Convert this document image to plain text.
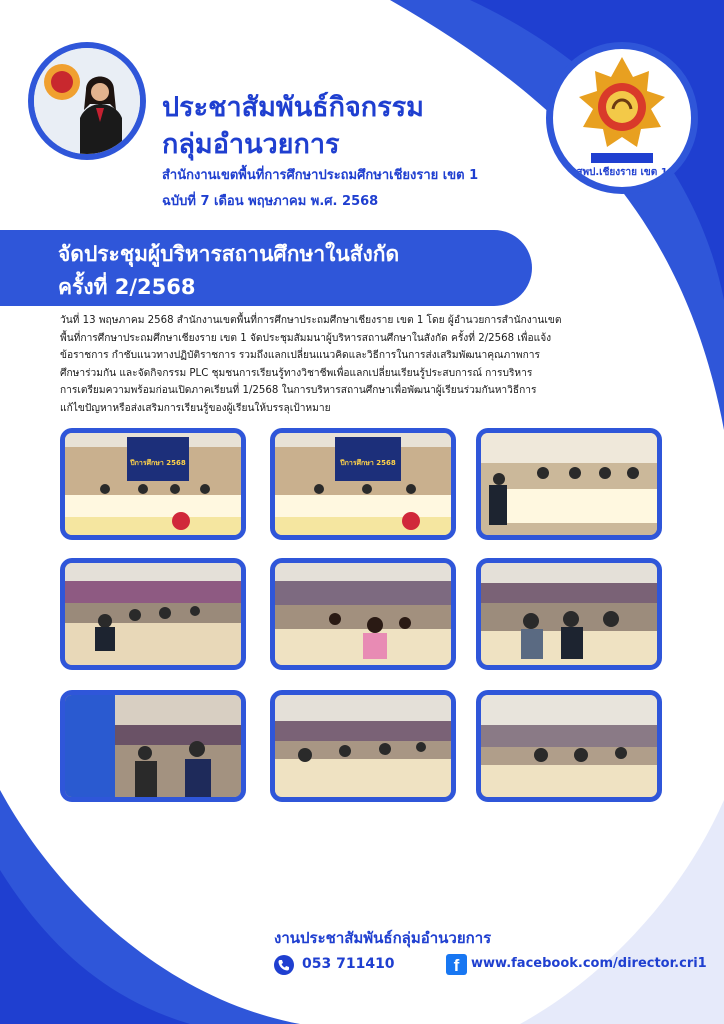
สพป.เชียงราย เขต 1
ประชาสัมพันธ์กิจกรรม
กลุ่มอำนวยการ
สำนักงานเขตพื้นที่การศึกษาประถมศึกษาเชียงราย เขต 1
ฉบับที่ 7 เดือน พฤษภาคม พ.ศ. 2568
จัดประชุมผู้บริหารสถานศึกษาในสังกัด
ครั้งที่ 2/2568
วันที่ 13 พฤษภาคม 2568 สำนักงานเขตพื้นที่การศึกษาประถมศึกษาเชียงราย เขต 1 โดย ผู้อำนวยการสำนักงานเขต
พื้นที่การศึกษาประถมศึกษาเชียงราย เขต 1 จัดประชุมสัมมนาผู้บริหารสถานศึกษาในสังกัด ครั้งที่ 2/2568 เพื่อแจ้ง
ข้อราชการ กำชับแนวทางปฏิบัติราชการ รวมถึงแลกเปลี่ยนแนวคิดและวิธีการในการส่งเสริมพัฒนาคุณภาพการ
ศึกษาร่วมกัน และจัดกิจกรรม PLC ชุมชนการเรียนรู้ทางวิชาชีพเพื่อแลกเปลี่ยนเรียนรู้ประสบการณ์ การบริหาร
การเตรียมความพร้อมก่อนเปิดภาคเรียนที่ 1/2568 ในการบริหารสถานศึกษาเพื่อพัฒนาผู้เรียนร่วมกันหาวิธีการ
แก้ไขปัญหาหรือส่งเสริมการเรียนรู้ของผู้เรียนให้บรรลุเป้าหมาย
ปีการศึกษา 2568	ปีการศึกษา 2568
งานประชาสัมพันธ์กลุ่มอำนวยการ
053 711410	f www.facebook.com/director.cri1
